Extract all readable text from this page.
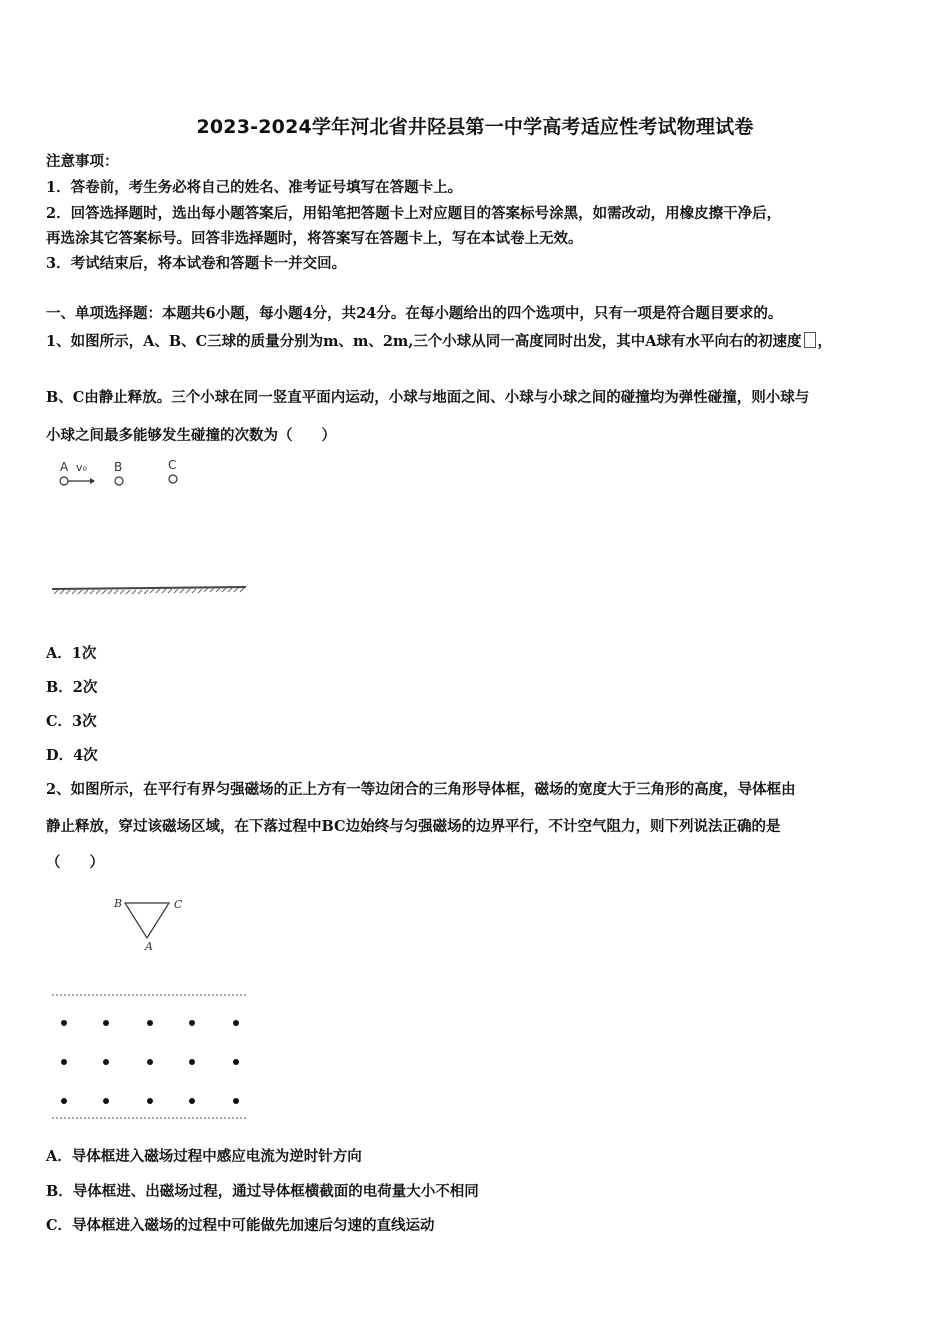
2023-2024学年河北省井陉县第一中学高考适应性考试物理试卷
注意事项：
1．答卷前，考生务必将自己的姓名、准考证号填写在答题卡上。
2．回答选择题时，选出每小题答案后，用铅笔把答题卡上对应题目的答案标号涂黑，如需改动，用橡皮擦干净后，
再选涂其它答案标号。回答非选择题时，将答案写在答题卡上，写在本试卷上无效。
3．考试结束后，将本试卷和答题卡一并交回。
一、单项选择题：本题共6小题，每小题4分，共24分。在每小题给出的四个选项中，只有一项是符合题目要求的。
1、如图所示，A、B、C三球的质量分别为m、m、2m,三个小球从同一高度同时出发，其中A球有水平向右的初速度 ，
B、C由静止释放。三个小球在同一竖直平面内运动，小球与地面之间、小球与小球之间的碰撞均为弹性碰撞，则小球与
小球之间最多能够发生碰撞的次数为（　　）
A v₀ B	C
A．1次
B．2次
C．3次
D．4次
2、如图所示，在平行有界匀强磁场的正上方有一等边闭合的三角形导体框，磁场的宽度大于三角形的高度，导体框由
静止释放，穿过该磁场区域，在下落过程中BC边始终与匀强磁场的边界平行，不计空气阻力，则下列说法正确的是
（　　）
B	C
A
A．导体框进入磁场过程中感应电流为逆时针方向
B．导体框进、出磁场过程，通过导体框横截面的电荷量大小不相同
C．导体框进入磁场的过程中可能做先加速后匀速的直线运动
